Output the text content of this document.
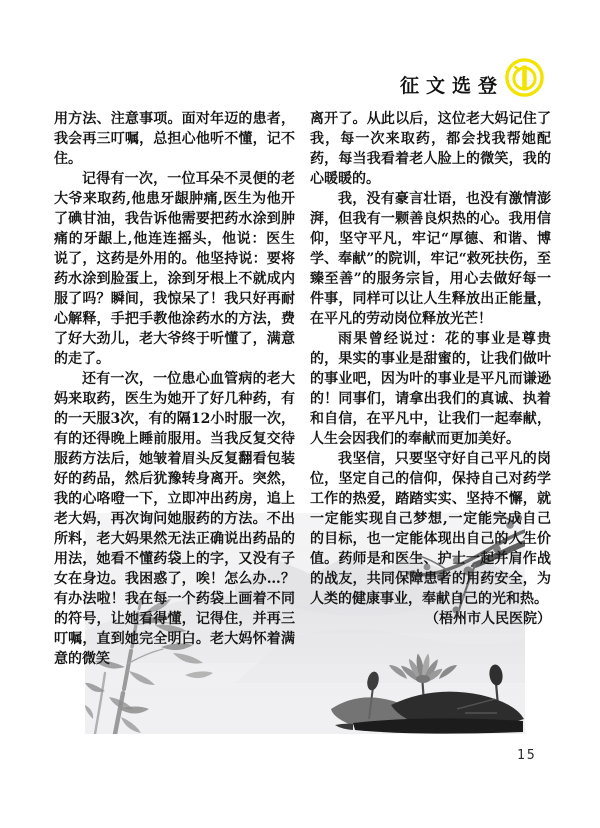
征文选登

用方法、注意事项。面对年迈的患者，我会再三叮嘱，总担心他听不懂，记不住。

记得有一次，一位耳朵不灵便的老大爷来取药,他患牙龈肿痛,医生为他开了碘甘油，我告诉他需要把药水涂到肿痛的牙龈上,他连连摇头，他说：医生说了，这药是外用的。他坚持说：要将药水涂到脸蛋上，涂到牙根上不就成内服了吗？瞬间，我惊呆了！我只好再耐心解释，手把手教他涂药水的方法，费了好大劲儿，老大爷终于听懂了，满意的走了。

还有一次，一位患心血管病的老大妈来取药，医生为她开了好几种药，有的一天服3次，有的隔12小时服一次，有的还得晚上睡前服用。当我反复交待服药方法后，她皱着眉头反复翻看包装好的药品，然后犹豫转身离开。突然，我的心咯噔一下，立即冲出药房，追上老大妈，再次询问她服药的方法。不出所料，老大妈果然无法正确说出药品的用法，她看不懂药袋上的字，又没有子女在身边。我困惑了，唉！怎么办…？有办法啦！我在每一个药袋上画着不同的符号，让她看得懂，记得住，并再三叮嘱，直到她完全明白。老大妈怀着满意的微笑

离开了。从此以后，这位老大妈记住了我，每一次来取药，都会找我帮她配药，每当我看着老人脸上的微笑，我的心暖暖的。

我，没有豪言壮语，也没有激情澎湃，但我有一颗善良炽热的心。我用信仰，坚守平凡，牢记“厚德、和谐、博学、奉献”的院训，牢记“救死扶伤，至臻至善”的服务宗旨，用心去做好每一件事，同样可以让人生释放出正能量，在平凡的劳动岗位释放光芒！

雨果曾经说过：花的事业是尊贵的，果实的事业是甜蜜的，让我们做叶的事业吧，因为叶的事业是平凡而谦逊的！同事们，请拿出我们的真诚、执着和自信，在平凡中，让我们一起奉献，人生会因我们的奉献而更加美好。

我坚信，只要坚守好自己平凡的岗位，坚定自己的信仰，保持自己对药学工作的热爱，踏踏实实、坚持不懈，就一定能实现自己梦想,一定能完成自己的目标，也一定能体现出自己的人生价值。药师是和医生、护士一起并肩作战的战友，共同保障患者的用药安全，为人类的健康事业，奉献自己的光和热。
（梧州市人民医院）

15
